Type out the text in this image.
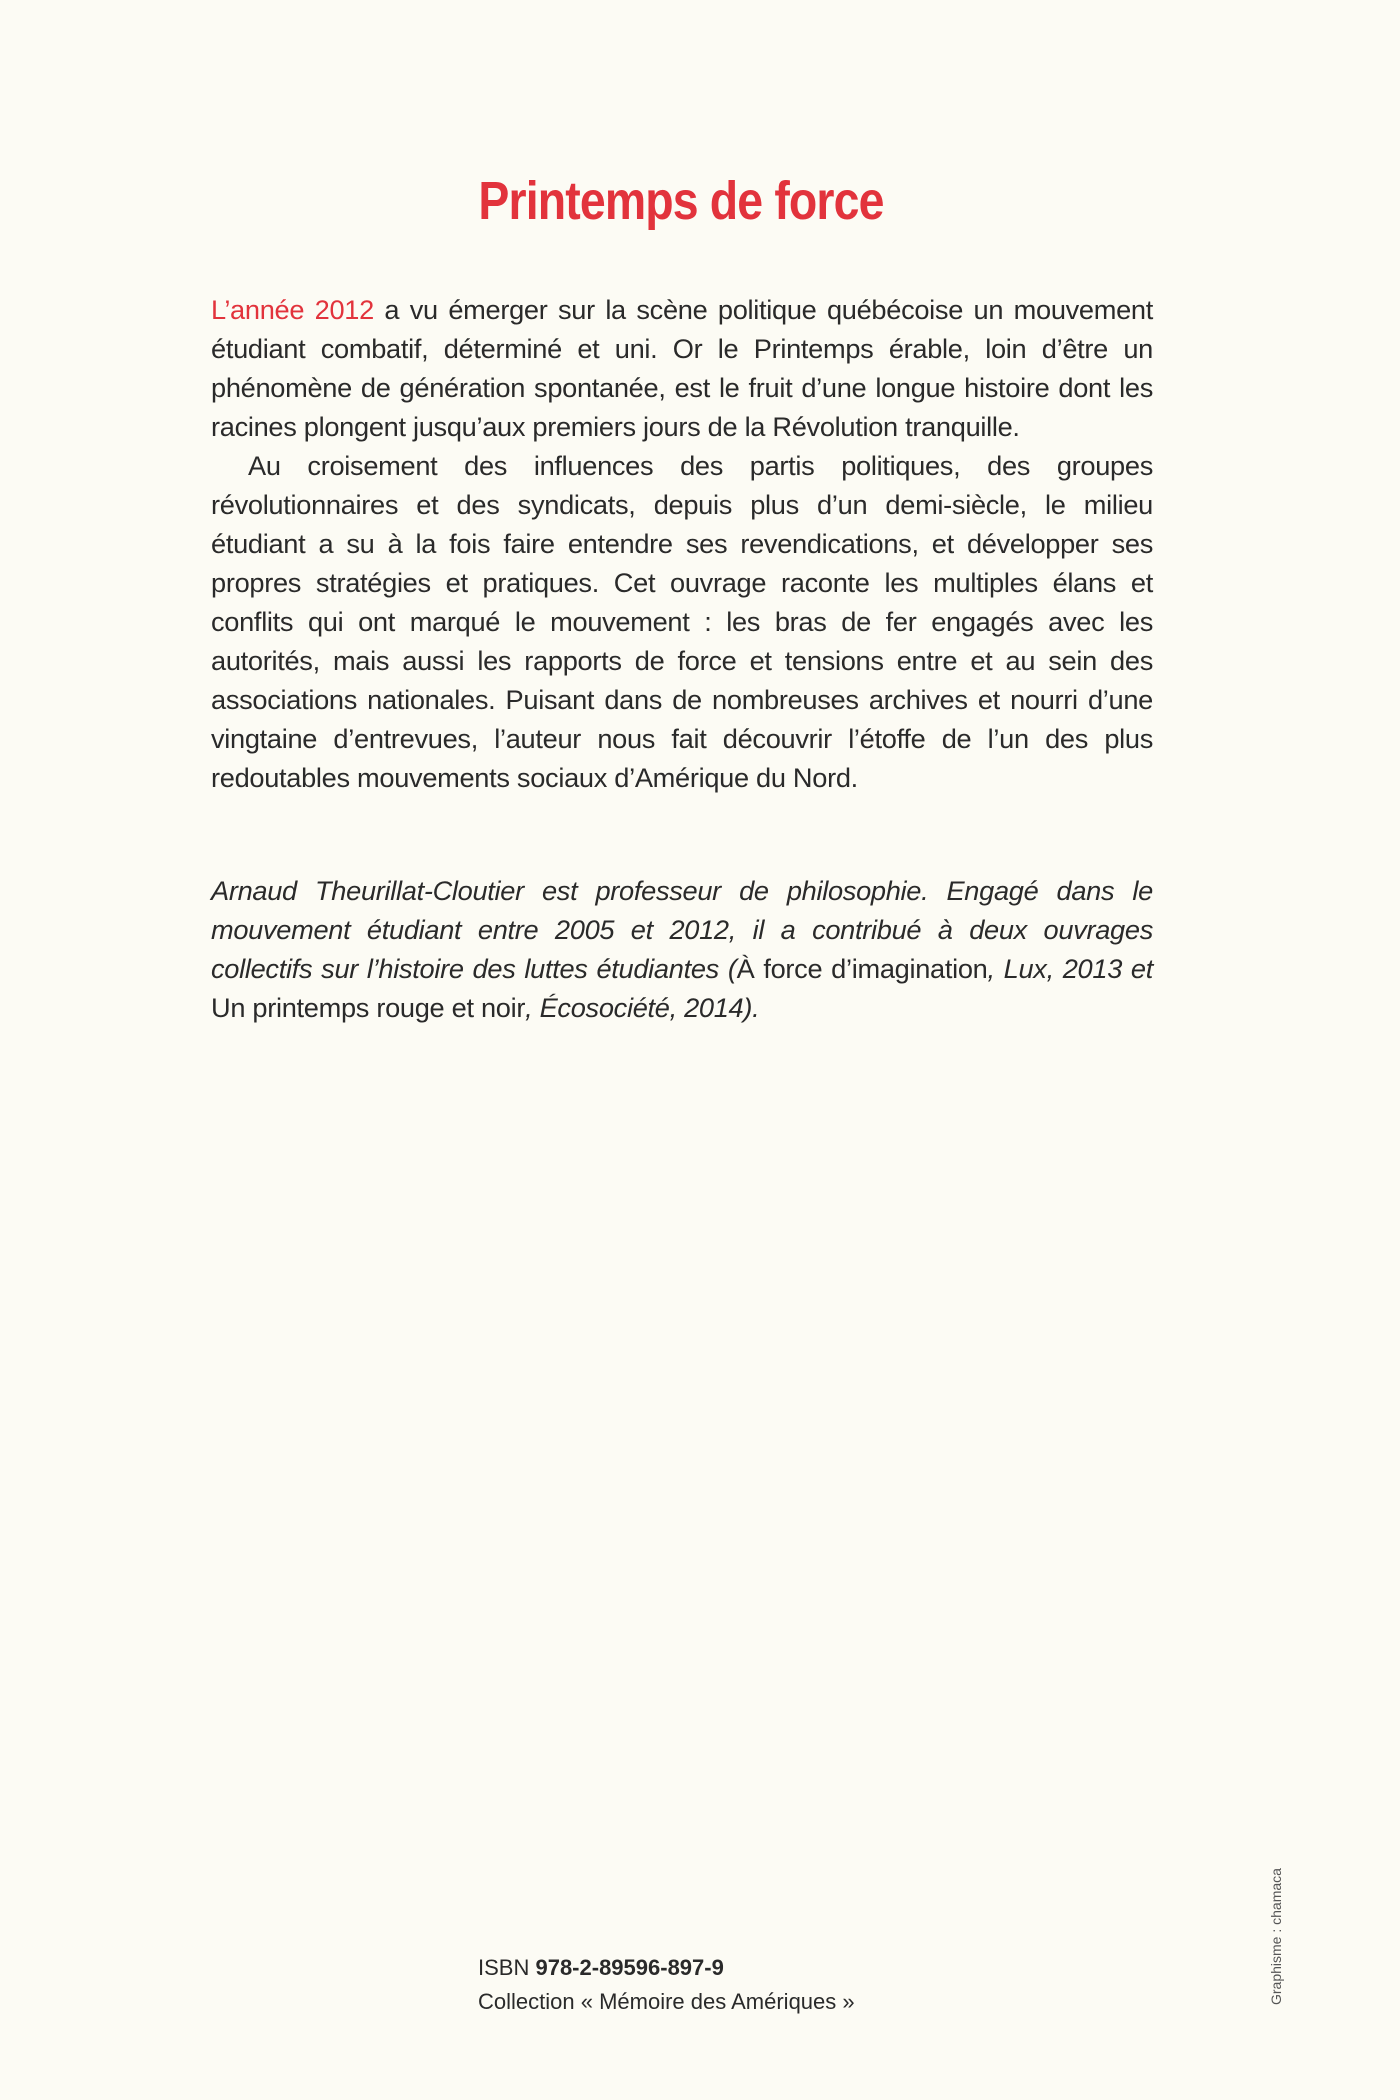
Printemps de force

L’année 2012 a vu émerger sur la scène politique québécoise un mouvement étudiant combatif, déterminé et uni. Or le Printemps érable, loin d’être un phénomène de génération spontanée, est le fruit d’une longue histoire dont les racines plongent jusqu’aux premiers jours de la Révolution tranquille.

Au croisement des influences des partis politiques, des groupes révolutionnaires et des syndicats, depuis plus d’un demi-siècle, le milieu étudiant a su à la fois faire entendre ses revendications, et développer ses propres stratégies et pratiques. Cet ouvrage raconte les multiples élans et conflits qui ont marqué le mouvement : les bras de fer engagés avec les autorités, mais aussi les rapports de force et tensions entre et au sein des associations nationales. Puisant dans de nombreuses archives et nourri d’une vingtaine d’entrevues, l’auteur nous fait découvrir l’étoffe de l’un des plus redoutables mouvements sociaux d’Amérique du Nord.

Arnaud Theurillat-Cloutier est professeur de philosophie. Engagé dans le mouvement étudiant entre 2005 et 2012, il a contribué à deux ouvrages collectifs sur l’histoire des luttes étudiantes (À force d’imagination, Lux, 2013 et Un printemps rouge et noir, Écosociété, 2014).

ISBN 978-2-89596-897-9
Collection « Mémoire des Amériques »	Graphisme : chamaca
